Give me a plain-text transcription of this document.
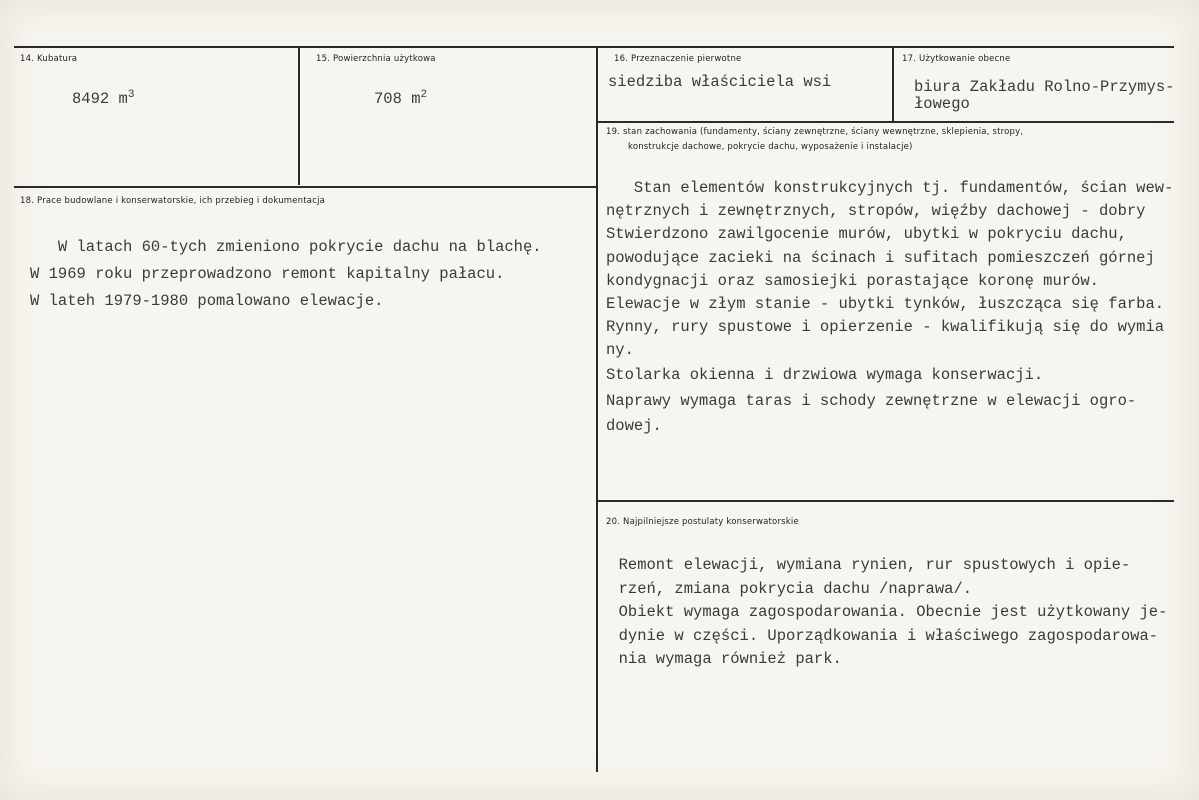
14. Kubatura
8492 $m^3$
15. Powierzchnia użytkowa
708 $m^2$
16. Przeznaczenie pierwotne
siedziba właściciela wsi
17. Użytkowanie obecne
biura Zakładu Rolno-Przymys-
łowego
18. Prace budowlane i konserwatorskie, ich przebieg i dokumentacja
W latach 60-tych zmieniono pokrycie dachu na blachę.
W 1969 roku przeprowadzono remont kapitalny pałacu.
W lateh 1979-1980 pomalowano elewacje.
19. stan zachowania (fundamenty, ściany zewnętrzne, ściany wewnętrzne, sklepienia, stropy,
konstrukcje dachowe, pokrycie dachu, wyposażenie i instalacje)
Stan elementów konstrukcyjnych tj. fundamentów, ścian wew-
nętrznych i zewnętrznych, stropów, więźby dachowej - dobry
Stwierdzono zawilgocenie murów, ubytki w pokryciu dachu,
powodujące zacieki na ścinach i sufitach pomieszczeń górnej
kondygnacji oraz samosiejki porastające koronę murów.
Elewacje w złym stanie - ubytki tynków, łuszcząca się farba.
Rynny, rury spustowe i opierzenie - kwalifikują się do wymia
ny.
Stolarka okienna i drzwiowa wymaga konserwacji.
Naprawy wymaga taras i schody zewnętrzne w elewacji ogro-
dowej.
20. Najpilniejsze postulaty konserwatorskie
Remont elewacji, wymiana rynien, rur spustowych i opie-
rzeń, zmiana pokrycia dachu /naprawa/.
Obiekt wymaga zagospodarowania. Obecnie jest użytkowany je-
dynie w części. Uporządkowania i właściwego zagospodarowa-
nia wymaga również park.
